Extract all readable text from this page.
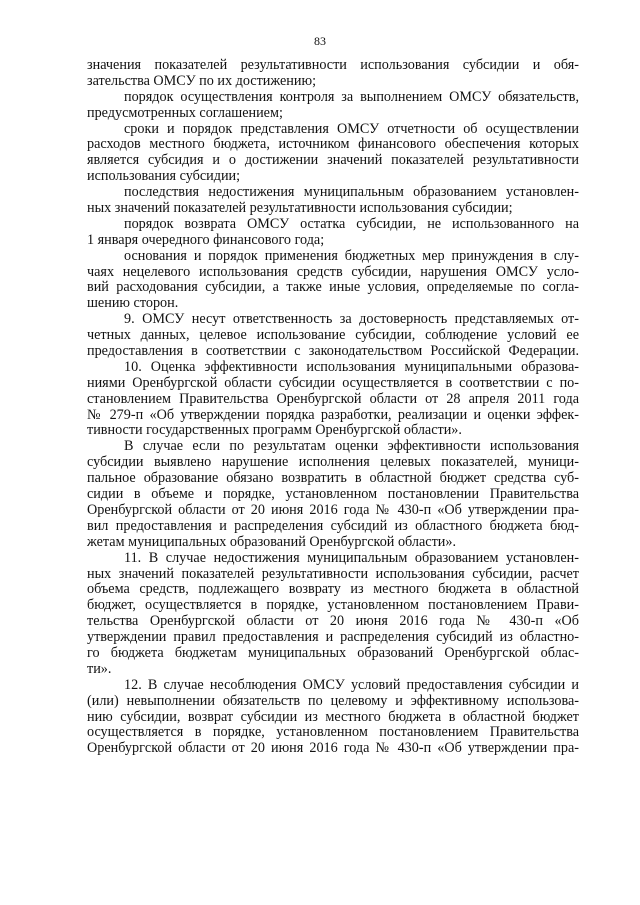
83
значения показателей результативности использования субсидии и обя-
зательства ОМСУ по их достижению;
порядок осуществления контроля за выполнением ОМСУ обязательств,
предусмотренных соглашением;
сроки и порядок представления ОМСУ отчетности об осуществлении
расходов местного бюджета, источником финансового обеспечения которых
является субсидия и о достижении значений показателей результативности
использования субсидии;
последствия недостижения муниципальным образованием установлен-
ных значений показателей результативности использования субсидии;
порядок возврата ОМСУ остатка субсидии, не использованного на
1 января очередного финансового года;
основания и порядок применения бюджетных мер принуждения в слу-
чаях нецелевого использования средств субсидии, нарушения ОМСУ усло-
вий расходования субсидии, а также иные условия, определяемые по согла-
шению сторон.
9. ОМСУ несут ответственность за достоверность представляемых от-
четных данных, целевое использование субсидии, соблюдение условий ее
предоставления в соответствии с законодательством Российской Федерации.
10. Оценка эффективности использования муниципальными образова-
ниями Оренбургской области субсидии осуществляется в соответствии с по-
становлением Правительства Оренбургской области от 28 апреля 2011 года
№ 279-п «Об утверждении порядка разработки, реализации и оценки эффек-
тивности государственных программ Оренбургской области».
В случае если по результатам оценки эффективности использования
субсидии выявлено нарушение исполнения целевых показателей, муници-
пальное образование обязано возвратить в областной бюджет средства суб-
сидии в объеме и порядке, установленном постановлении Правительства
Оренбургской области от 20 июня 2016 года № 430-п «Об утверждении пра-
вил предоставления и распределения субсидий из областного бюджета бюд-
жетам муниципальных образований Оренбургской области».
11. В случае недостижения муниципальным образованием установлен-
ных значений показателей результативности использования субсидии, расчет
объема средств, подлежащего возврату из местного бюджета в областной
бюджет, осуществляется в порядке, установленном постановлением Прави-
тельства Оренбургской области от 20 июня 2016 года № 430-п «Об
утверждении правил предоставления и распределения субсидий из областно-
го бюджета бюджетам муниципальных образований Оренбургской облас-
ти».
12. В случае несоблюдения ОМСУ условий предоставления субсидии и
(или) невыполнении обязательств по целевому и эффективному использова-
нию субсидии, возврат субсидии из местного бюджета в областной бюджет
осуществляется в порядке, установленном постановлением Правительства
Оренбургской области от 20 июня 2016 года № 430-п «Об утверждении пра-
